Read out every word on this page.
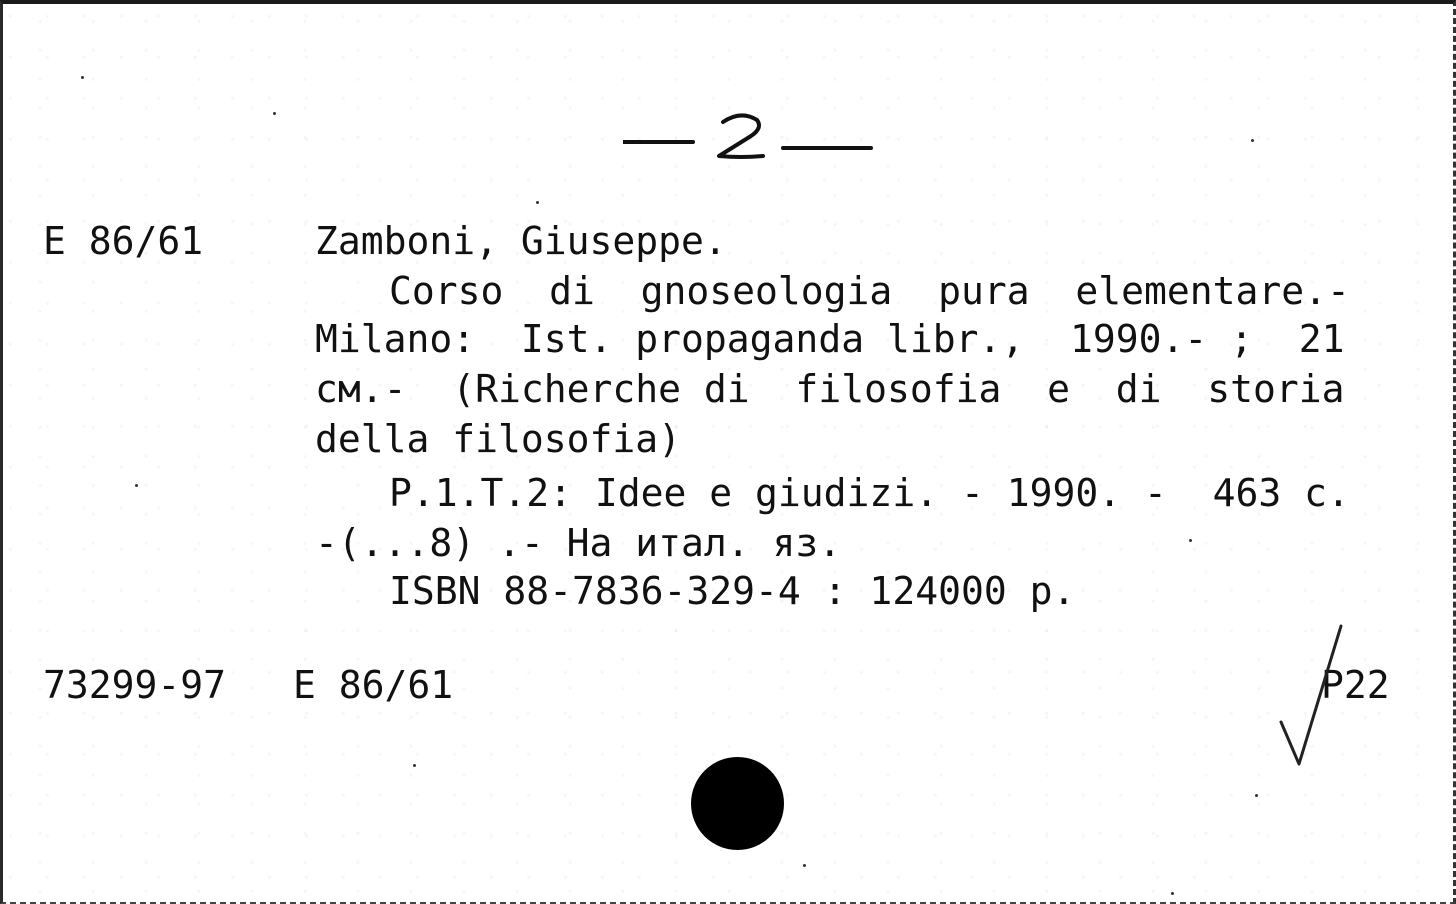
E 86/61	Zamboni, Giuseppe.
Corso  di  gnoseologia  pura  elementare.-
Milano:  Ist. propaganda libr.,  1990.- ;  21
см.-  (Richerche di  filosofia  e  di  storia
della filosofia)
P.1.T.2: Idee e giudizi. - 1990. -  463 c.
-(...8) .- На итал. яз.
ISBN 88-7836-329-4 : 124000 p.
73299-97 E 86/61	P22
